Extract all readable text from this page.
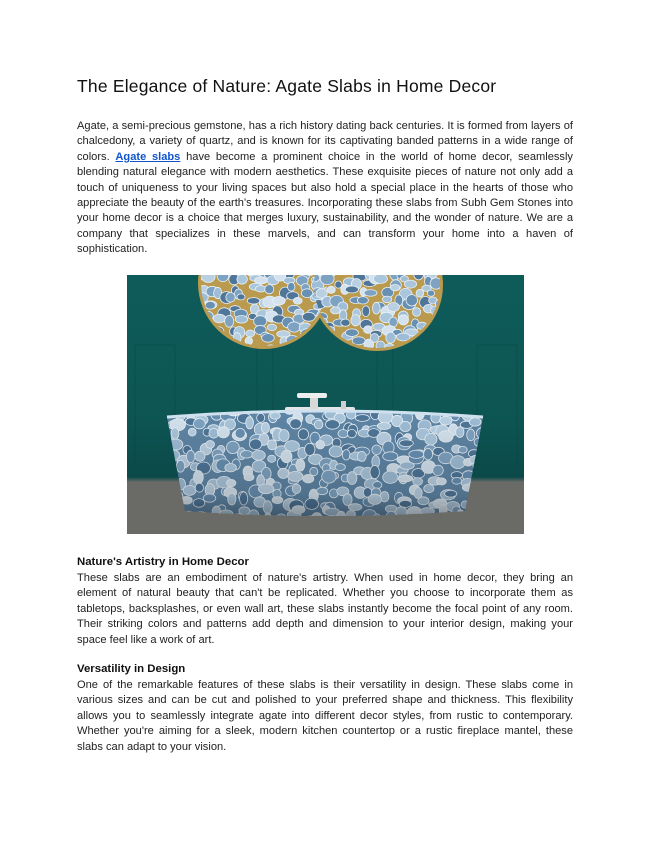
The Elegance of Nature: Agate Slabs in Home Decor

Agate, a semi-precious gemstone, has a rich history dating back centuries. It is formed from layers of chalcedony, a variety of quartz, and is known for its captivating banded patterns in a wide range of colors. Agate slabs have become a prominent choice in the world of home decor, seamlessly blending natural elegance with modern aesthetics. These exquisite pieces of nature not only add a touch of uniqueness to your living spaces but also hold a special place in the hearts of those who appreciate the beauty of the earth's treasures. Incorporating these slabs from Subh Gem Stones into your home decor is a choice that merges luxury, sustainability, and the wonder of nature. We are a company that specializes in these marvels, and can transform your home into a haven of sophistication.

Nature's Artistry in Home Decor

These slabs are an embodiment of nature's artistry. When used in home decor, they bring an element of natural beauty that can't be replicated. Whether you choose to incorporate them as tabletops, backsplashes, or even wall art, these slabs instantly become the focal point of any room. Their striking colors and patterns add depth and dimension to your interior design, making your space feel like a work of art.

Versatility in Design

One of the remarkable features of these slabs is their versatility in design. These slabs come in various sizes and can be cut and polished to your preferred shape and thickness. This flexibility allows you to seamlessly integrate agate into different decor styles, from rustic to contemporary. Whether you're aiming for a sleek, modern kitchen countertop or a rustic fireplace mantel, these slabs can adapt to your vision.
